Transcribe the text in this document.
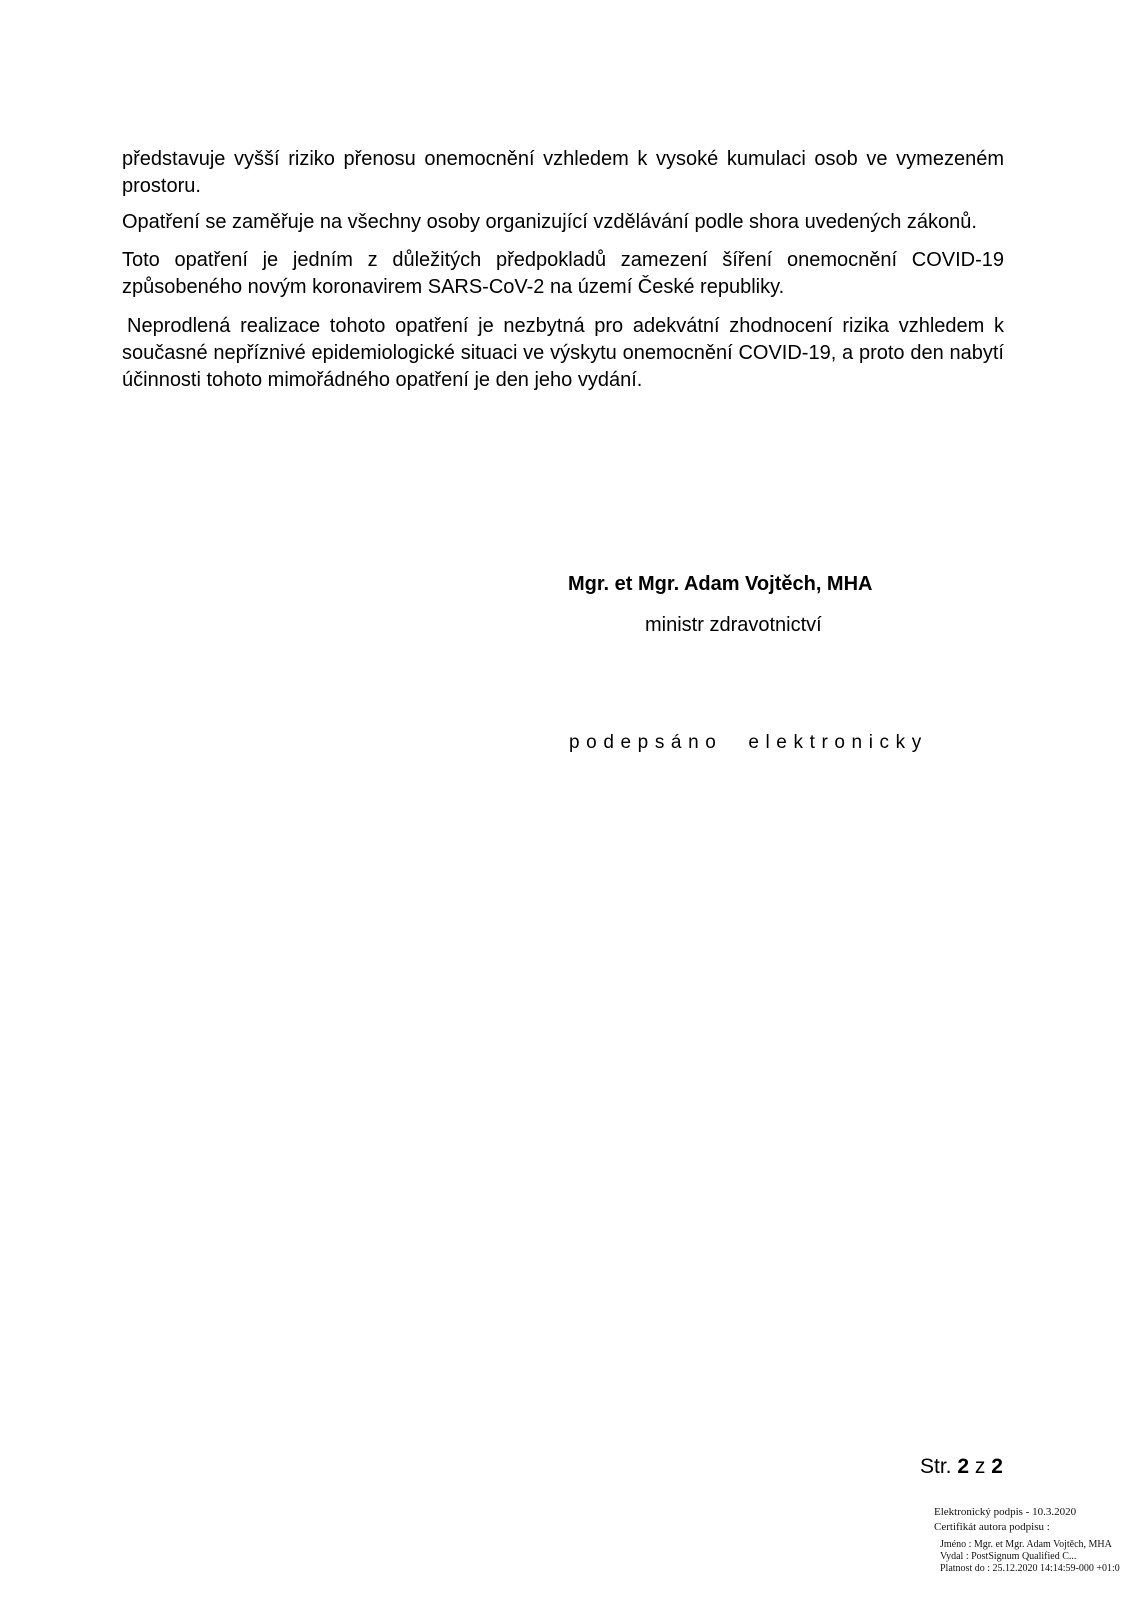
představuje vyšší riziko přenosu onemocnění vzhledem k vysoké kumulaci osob ve vymezeném prostoru.

Opatření se zaměřuje na všechny osoby organizující vzdělávání podle shora uvedených zákonů.

Toto opatření je jedním z důležitých předpokladů zamezení šíření onemocnění COVID-19 způsobeného novým koronavirem SARS-CoV-2 na území České republiky.

Neprodlená realizace tohoto opatření je nezbytná pro adekvátní zhodnocení rizika vzhledem k současné nepříznivé epidemiologické situaci ve výskytu onemocnění COVID-19, a proto den nabytí účinnosti tohoto mimořádného opatření je den jeho vydání.

Mgr. et Mgr. Adam Vojtěch, MHA
ministr zdravotnictví
podepsáno elektronicky
Str. 2 z 2
Elektronický podpis - 10.3.2020
Certifikát autora podpisu :
Jméno : Mgr. et Mgr. Adam Vojtěch, MHA
Vydal : PostSignum Qualified C...
Platnost do : 25.12.2020 14:14:59-000 +01:0
